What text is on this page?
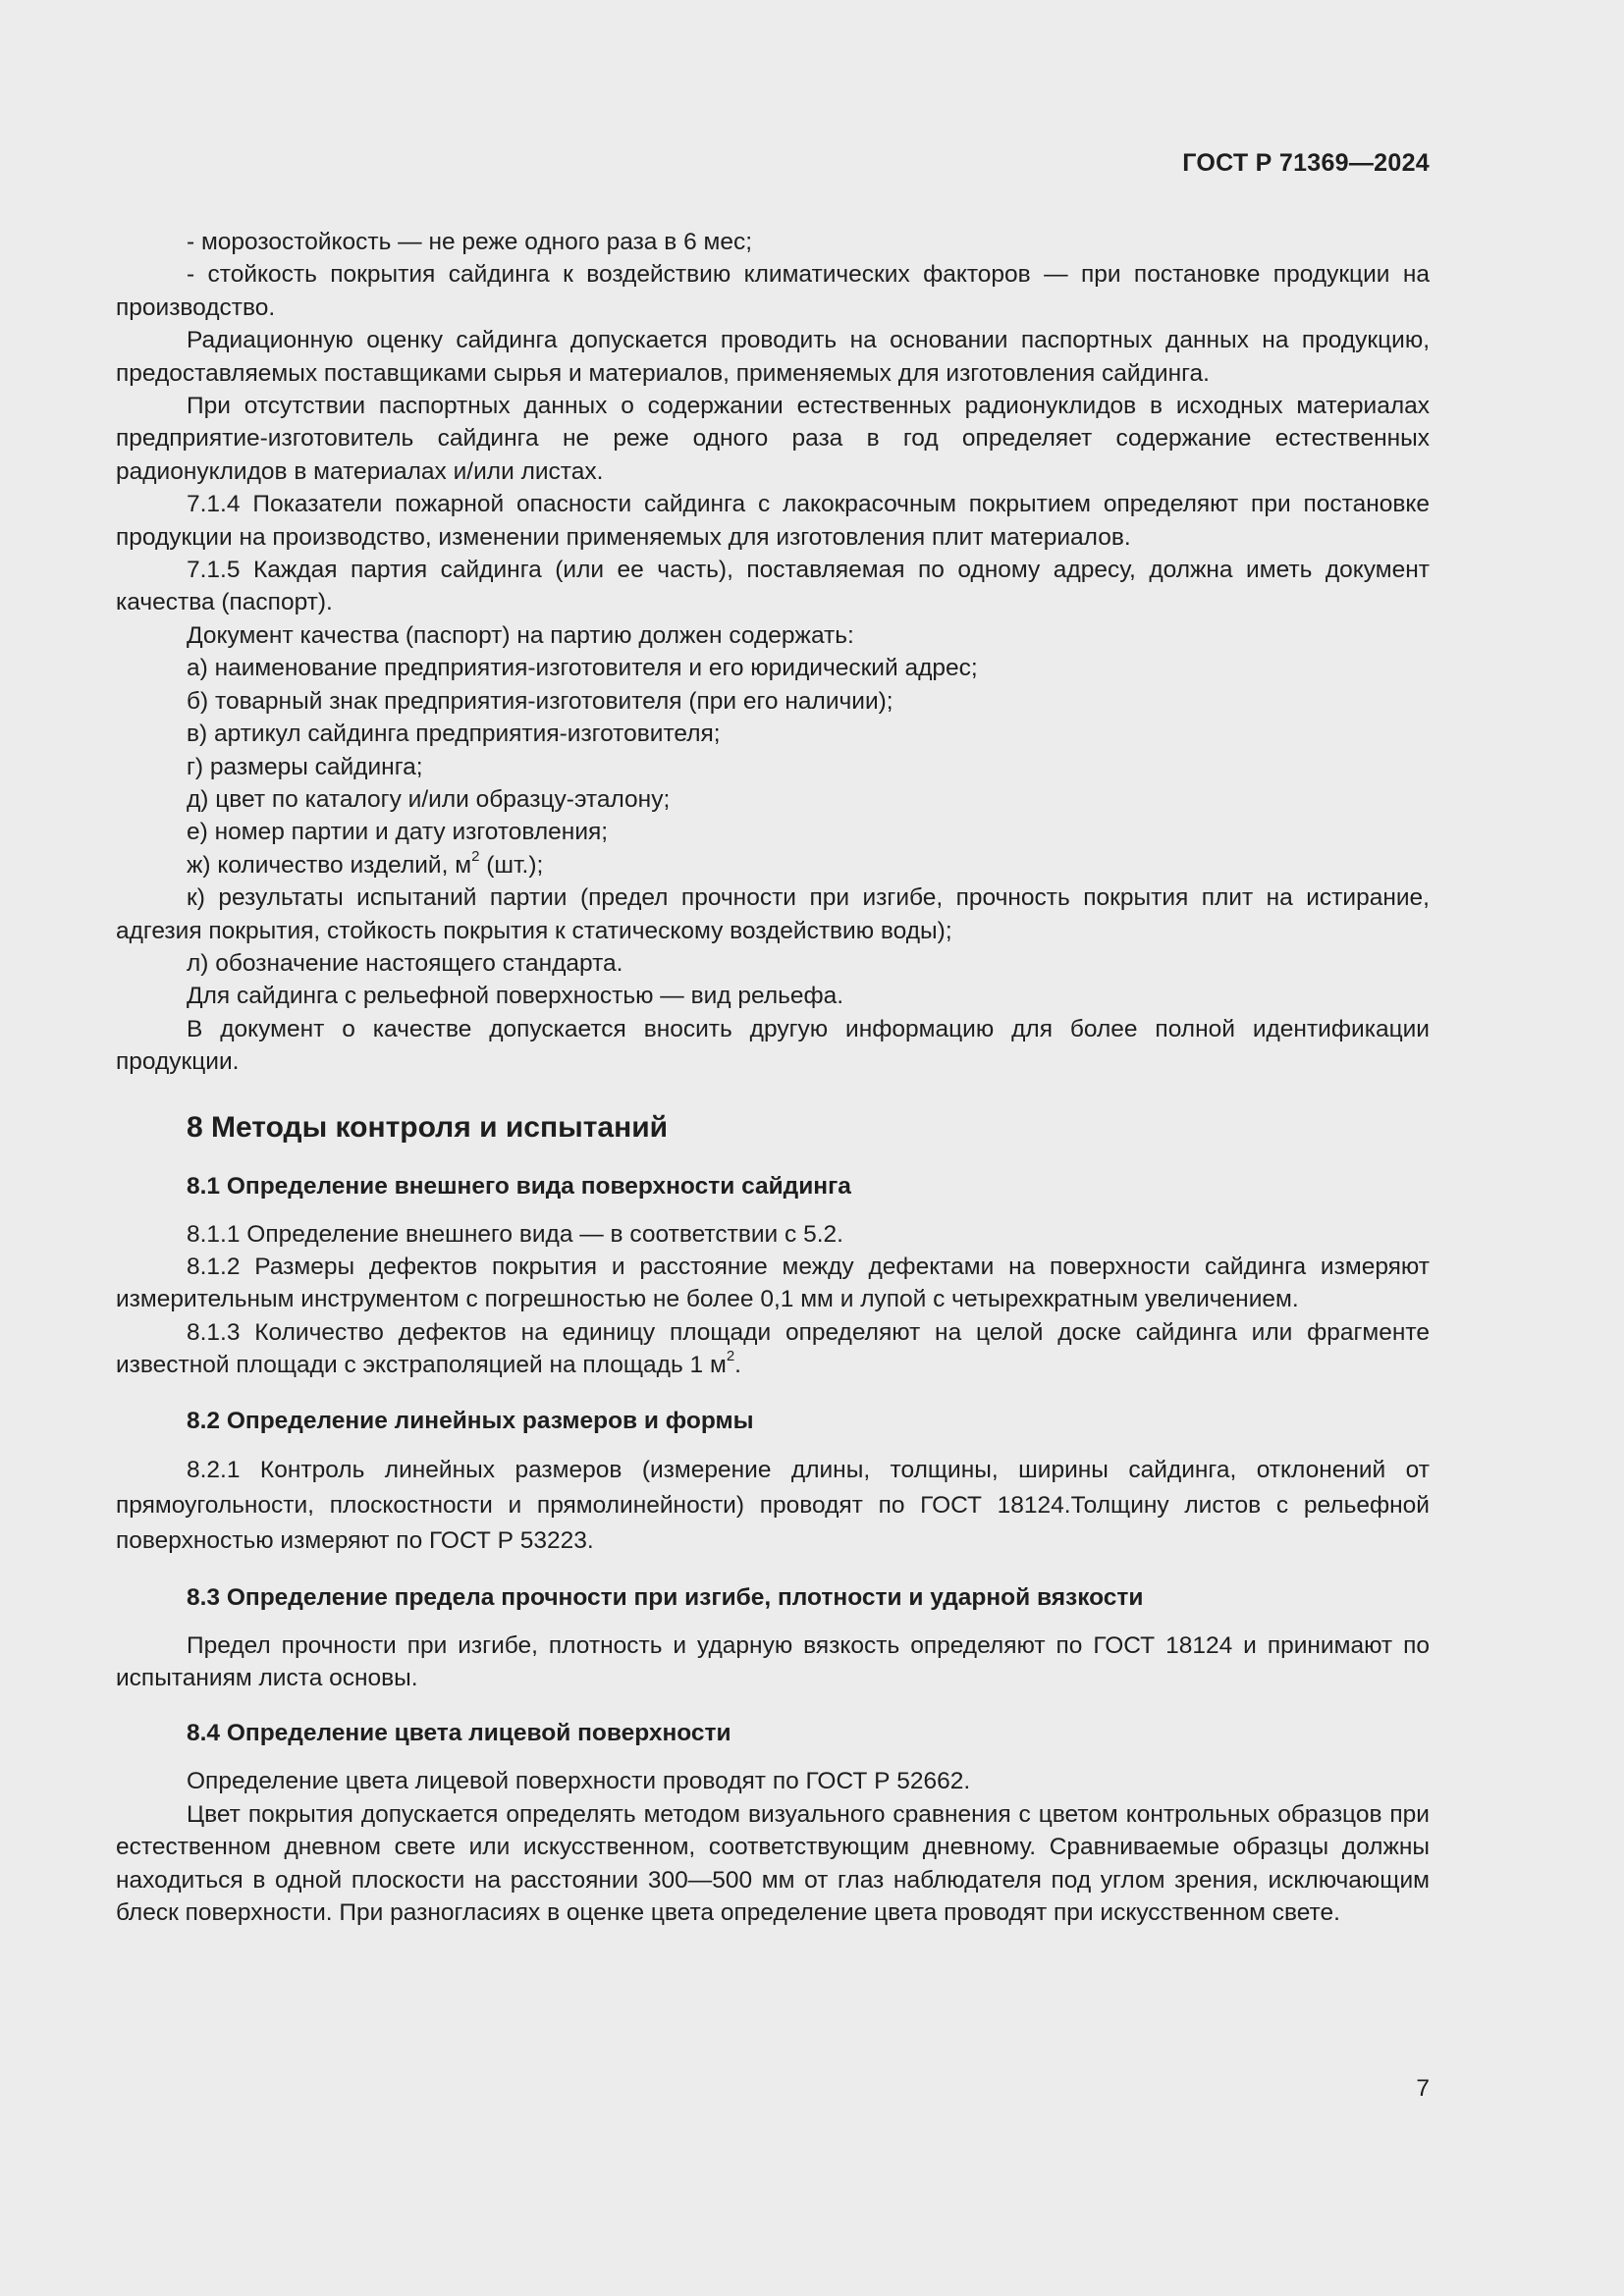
ГОСТ Р 71369—2024

- морозостойкость — не реже одного раза в 6 мес;

- стойкость покрытия сайдинга к воздействию климатических факторов — при постановке продукции на производство.

Радиационную оценку сайдинга допускается проводить на основании паспортных данных на продукцию, предоставляемых поставщиками сырья и материалов, применяемых для изготовления сайдинга.

При отсутствии паспортных данных о содержании естественных радионуклидов в исходных материалах предприятие-изготовитель сайдинга не реже одного раза в год определяет содержание естественных радионуклидов в материалах и/или листах.

7.1.4 Показатели пожарной опасности сайдинга с лакокрасочным покрытием определяют при постановке продукции на производство, изменении применяемых для изготовления плит материалов.

7.1.5 Каждая партия сайдинга (или ее часть), поставляемая по одному адресу, должна иметь документ качества (паспорт).

Документ качества (паспорт) на партию должен содержать:

а) наименование предприятия-изготовителя и его юридический адрес;

б) товарный знак предприятия-изготовителя (при его наличии);

в) артикул сайдинга предприятия-изготовителя;

г) размеры сайдинга;

д) цвет по каталогу и/или образцу-эталону;

е) номер партии и дату изготовления;

ж) количество изделий, $м^2$ (шт.);

к) результаты испытаний партии (предел прочности при изгибе, прочность покрытия плит на истирание, адгезия покрытия, стойкость покрытия к статическому воздействию воды);

л) обозначение настоящего стандарта.

Для сайдинга с рельефной поверхностью — вид рельефа.

В документ о качестве допускается вносить другую информацию для более полной идентификации продукции.

8 Методы контроля и испытаний
8.1 Определение внешнего вида поверхности сайдинга

8.1.1 Определение внешнего вида — в соответствии с 5.2.

8.1.2 Размеры дефектов покрытия и расстояние между дефектами на поверхности сайдинга измеряют измерительным инструментом с погрешностью не более 0,1 мм и лупой с четырехкратным увеличением.

8.1.3 Количество дефектов на единицу площади определяют на целой доске сайдинга или фрагменте известной площади с экстраполяцией на площадь 1 $м^2$.

8.2 Определение линейных размеров и формы

8.2.1 Контроль линейных размеров (измерение длины, толщины, ширины сайдинга, отклонений от прямоугольности, плоскостности и прямолинейности) проводят по ГОСТ 18124.Толщину листов с рельефной поверхностью измеряют по ГОСТ Р 53223.

8.3 Определение предела прочности при изгибе, плотности и ударной вязкости

Предел прочности при изгибе, плотность и ударную вязкость определяют по ГОСТ 18124 и принимают по испытаниям листа основы.

8.4 Определение цвета лицевой поверхности

Определение цвета лицевой поверхности проводят по ГОСТ Р 52662.

Цвет покрытия допускается определять методом визуального сравнения с цветом контрольных образцов при естественном дневном свете или искусственном, соответствующим дневному. Сравниваемые образцы должны находиться в одной плоскости на расстоянии 300—500 мм от глаз наблюдателя под углом зрения, исключающим блеск поверхности. При разногласиях в оценке цвета определение цвета проводят при искусственном свете.

7
